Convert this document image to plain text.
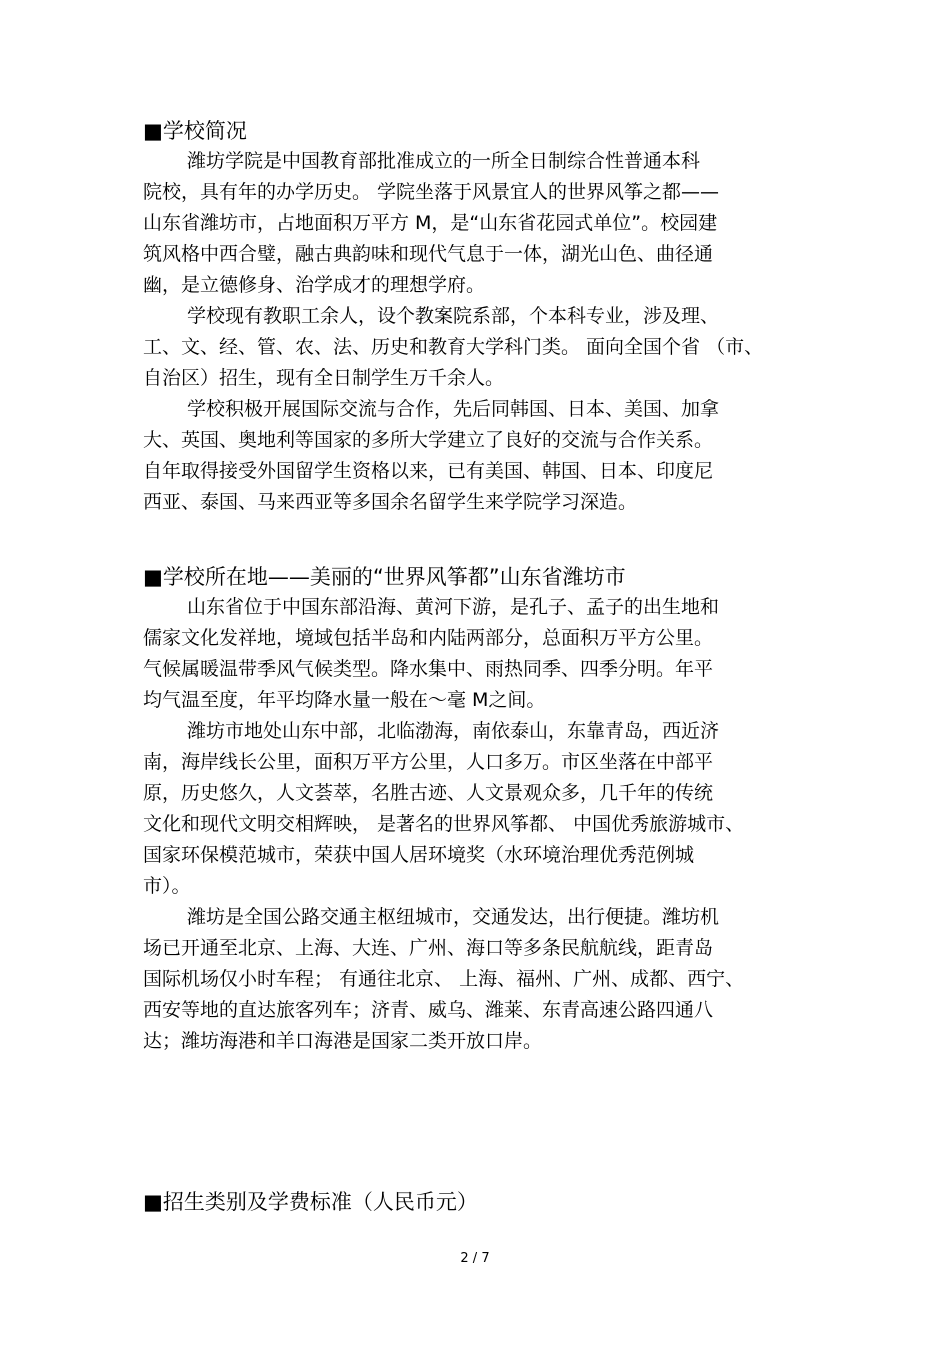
■学校简况
潍坊学院是中国教育部批准成立的一所全日制综合性普通本科
院校，具有年的办学历史。 学院坐落于风景宜人的世界风筝之都——
山东省潍坊市，占地面积万平方 M，是“山东省花园式单位”。校园建
筑风格中西合璧，融古典韵味和现代气息于一体，湖光山色、曲径通
幽，是立德修身、治学成才的理想学府。
学校现有教职工余人，设个教案院系部，个本科专业，涉及理、
工、文、经、管、农、法、历史和教育大学科门类。 面向全国个省 （市、
自治区）招生，现有全日制学生万千余人。
学校积极开展国际交流与合作，先后同韩国、日本、美国、加拿
大、英国、奥地利等国家的多所大学建立了良好的交流与合作关系。
自年取得接受外国留学生资格以来，已有美国、韩国、日本、印度尼
西亚、泰国、马来西亚等多国余名留学生来学院学习深造。
■学校所在地——美丽的“世界风筝都”山东省潍坊市
山东省位于中国东部沿海、黄河下游，是孔子、孟子的出生地和
儒家文化发祥地，境域包括半岛和内陆两部分，总面积万平方公里。
气候属暖温带季风气候类型。降水集中、雨热同季、四季分明。年平
均气温至度，年平均降水量一般在～毫 M之间。
潍坊市地处山东中部，北临渤海，南依泰山，东靠青岛，西近济
南，海岸线长公里，面积万平方公里，人口多万。市区坐落在中部平
原，历史悠久，人文荟萃，名胜古迹、人文景观众多，几千年的传统
文化和现代文明交相辉映， 是著名的世界风筝都、 中国优秀旅游城市、
国家环保模范城市，荣获中国人居环境奖（水环境治理优秀范例城
市）。
潍坊是全国公路交通主枢纽城市，交通发达，出行便捷。潍坊机
场已开通至北京、上海、大连、广州、海口等多条民航航线，距青岛
国际机场仅小时车程； 有通往北京、 上海、福州、广州、成都、西宁、
西安等地的直达旅客列车；济青、威乌、潍莱、东青高速公路四通八
达；潍坊海港和羊口海港是国家二类开放口岸。
■招生类别及学费标准（人民币元）
2 / 7
